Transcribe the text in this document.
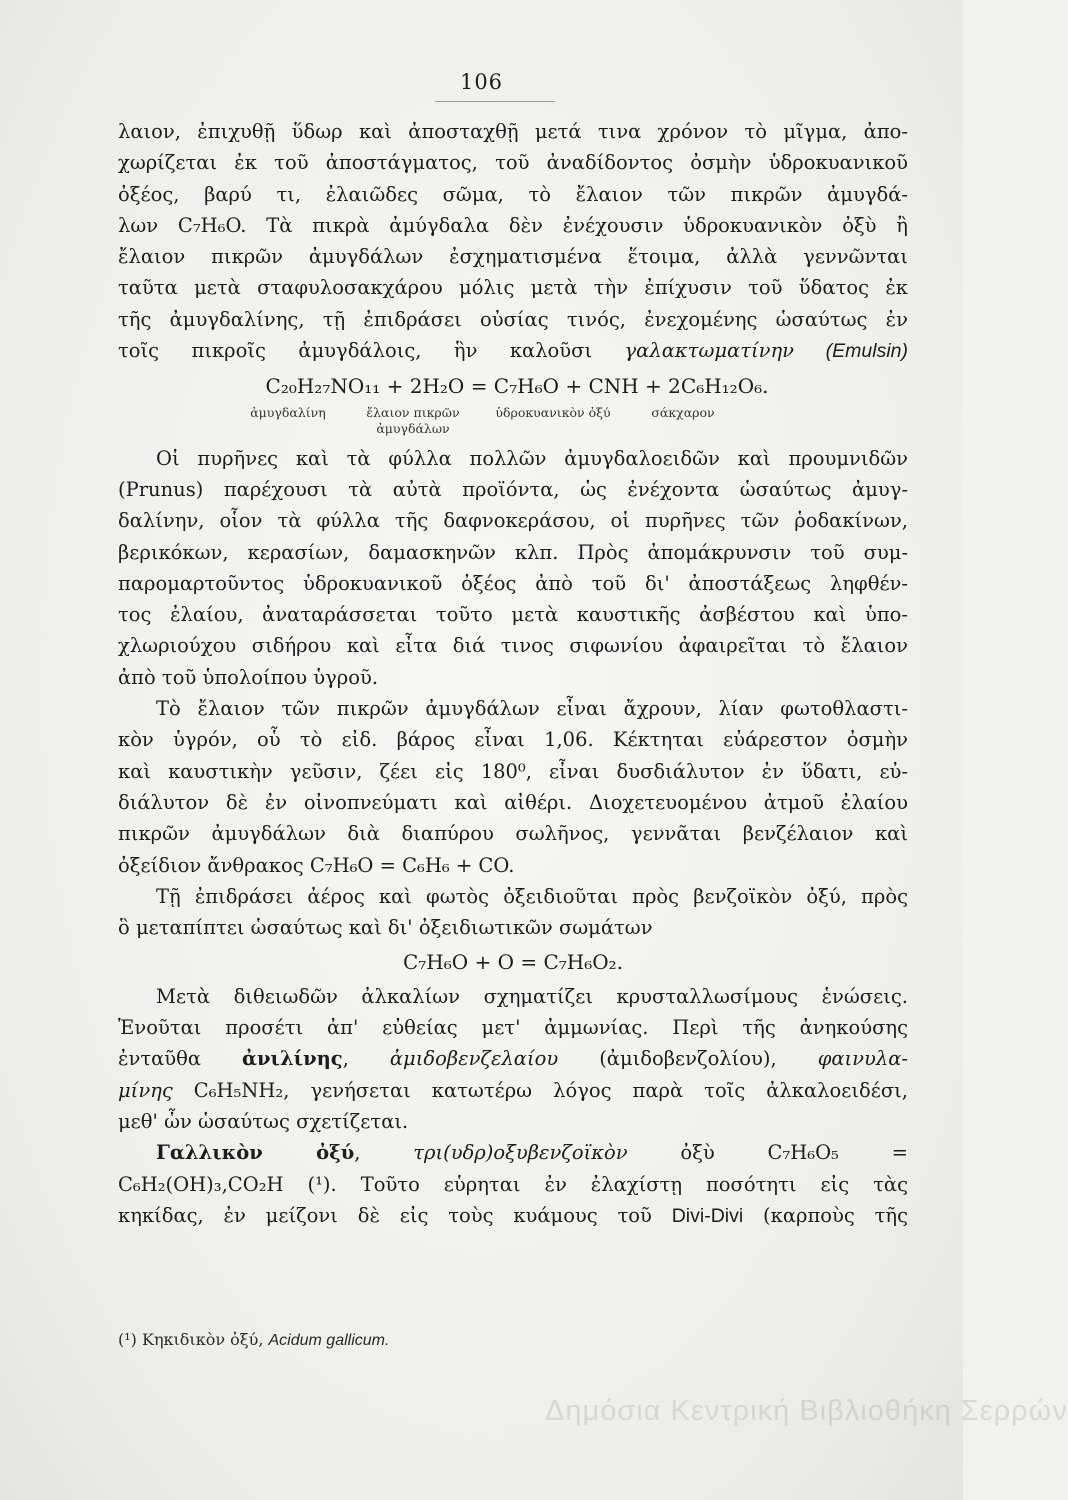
106
λαιον, ἐπιχυθῇ ὕδωρ καὶ ἀποσταχθῇ μετά τινα χρόνον τὸ μῖγμα, ἀπο-
χωρίζεται ἐκ τοῦ ἀποστάγματος, τοῦ ἀναδίδοντος ὀσμὴν ὑδροκυανικοῦ
ὀξέος, βαρύ τι, ἐλαιῶδες σῶμα, τὸ ἔλαιον τῶν πικρῶν ἀμυγδά-
λων C₇H₆O. Τὰ πικρὰ ἀμύγδαλα δὲν ἐνέχουσιν ὑδροκυανικὸν ὀξὺ ἢ
ἔλαιον πικρῶν ἀμυγδάλων ἐσχηματισμένα ἕτοιμα, ἀλλὰ γεννῶνται
ταῦτα μετὰ σταφυλοσακχάρου μόλις μετὰ τὴν ἐπίχυσιν τοῦ ὕδατος ἐκ
τῆς ἀμυγδαλίνης, τῇ ἐπιδράσει οὐσίας τινός, ἐνεχομένης ὡσαύτως ἐν
τοῖς πικροῖς ἀμυγδάλοις, ἣν καλοῦσι γαλακτωματίνην (Emulsin)
C₂₀H₂₇NO₁₁ + 2H₂O = C₇H₆O + CNH + 2C₆H₁₂O₆.
ἀμυγδαλίνη	ἔλαιον πικρῶν ἀμυγδάλων
ὑδροκυανικὸν ὀξύ	σάκχαρον
Οἱ πυρῆνες καὶ τὰ φύλλα πολλῶν ἀμυγδαλοειδῶν καὶ προυμνιδῶν
(Prunus) παρέχουσι τὰ αὐτὰ προϊόντα, ὡς ἐνέχοντα ὡσαύτως ἀμυγ-
δαλίνην, οἷον τὰ φύλλα τῆς δαφνοκεράσου, οἱ πυρῆνες τῶν ῥοδακίνων,
βερικόκων, κερασίων, δαμασκηνῶν κλπ. Πρὸς ἀπομάκρυνσιν τοῦ συμ-
παρομαρτοῦντος ὑδροκυανικοῦ ὀξέος ἀπὸ τοῦ δι' ἀποστάξεως ληφθέν-
τος ἐλαίου, ἀναταράσσεται τοῦτο μετὰ καυστικῆς ἀσβέστου καὶ ὑπο-
χλωριούχου σιδήρου καὶ εἶτα διά τινος σιφωνίου ἀφαιρεῖται τὸ ἔλαιον
ἀπὸ τοῦ ὑπολοίπου ὑγροῦ.
Τὸ ἔλαιον τῶν πικρῶν ἀμυγδάλων εἶναι ἄχρουν, λίαν φωτοθλαστι-
κὸν ὑγρόν, οὗ τὸ εἰδ. βάρος εἶναι 1,06. Κέκτηται εὐάρεστον ὀσμὴν
καὶ καυστικὴν γεῦσιν, ζέει εἰς 180⁰, εἶναι δυσδιάλυτον ἐν ὕδατι, εὐ-
διάλυτον δὲ ἐν οἰνοπνεύματι καὶ αἰθέρι. Διοχετευομένου ἀτμοῦ ἐλαίου
πικρῶν ἀμυγδάλων διὰ διαπύρου σωλῆνος, γεννᾶται βενζέλαιον καὶ
ὀξείδιον ἄνθρακος C₇H₆O = C₆H₆ + CO.
Τῇ ἐπιδράσει ἀέρος καὶ φωτὸς ὀξειδιοῦται πρὸς βενζοϊκὸν ὀξύ, πρὸς
ὃ μεταπίπτει ὡσαύτως καὶ δι' ὀξειδιωτικῶν σωμάτων
C₇H₆O + O = C₇H₆O₂.
Μετὰ διθειωδῶν ἀλκαλίων σχηματίζει κρυσταλλωσίμους ἑνώσεις.
Ἑνοῦται προσέτι ἀπ' εὐθείας μετ' ἀμμωνίας. Περὶ τῆς ἀνηκούσης
ἐνταῦθα ἀνιλίνης, ἀμιδοβενζελαίου (ἀμιδοβενζολίου), φαινυλα-
μίνης C₆H₅NH₂, γενήσεται κατωτέρω λόγος παρὰ τοῖς ἀλκαλοειδέσι,
μεθ' ὧν ὡσαύτως σχετίζεται.
Γαλλικὸν ὀξύ, τρι(υδρ)οξυβενζοϊκὸν ὀξὺ C₇H₆O₅ =
C₆H₂(OH)₃,CO₂H (¹). Τοῦτο εὑρηται ἐν ἐλαχίστῃ ποσότητι εἰς τὰς
κηκίδας, ἐν μείζονι δὲ εἰς τοὺς κυάμους τοῦ Divi-Divi (καρποὺς τῆς
(¹) Κηκιδικὸν ὀξύ, Acidum gallicum.
Δημόσια Κεντρική Βιβλιοθήκη Σερρών
